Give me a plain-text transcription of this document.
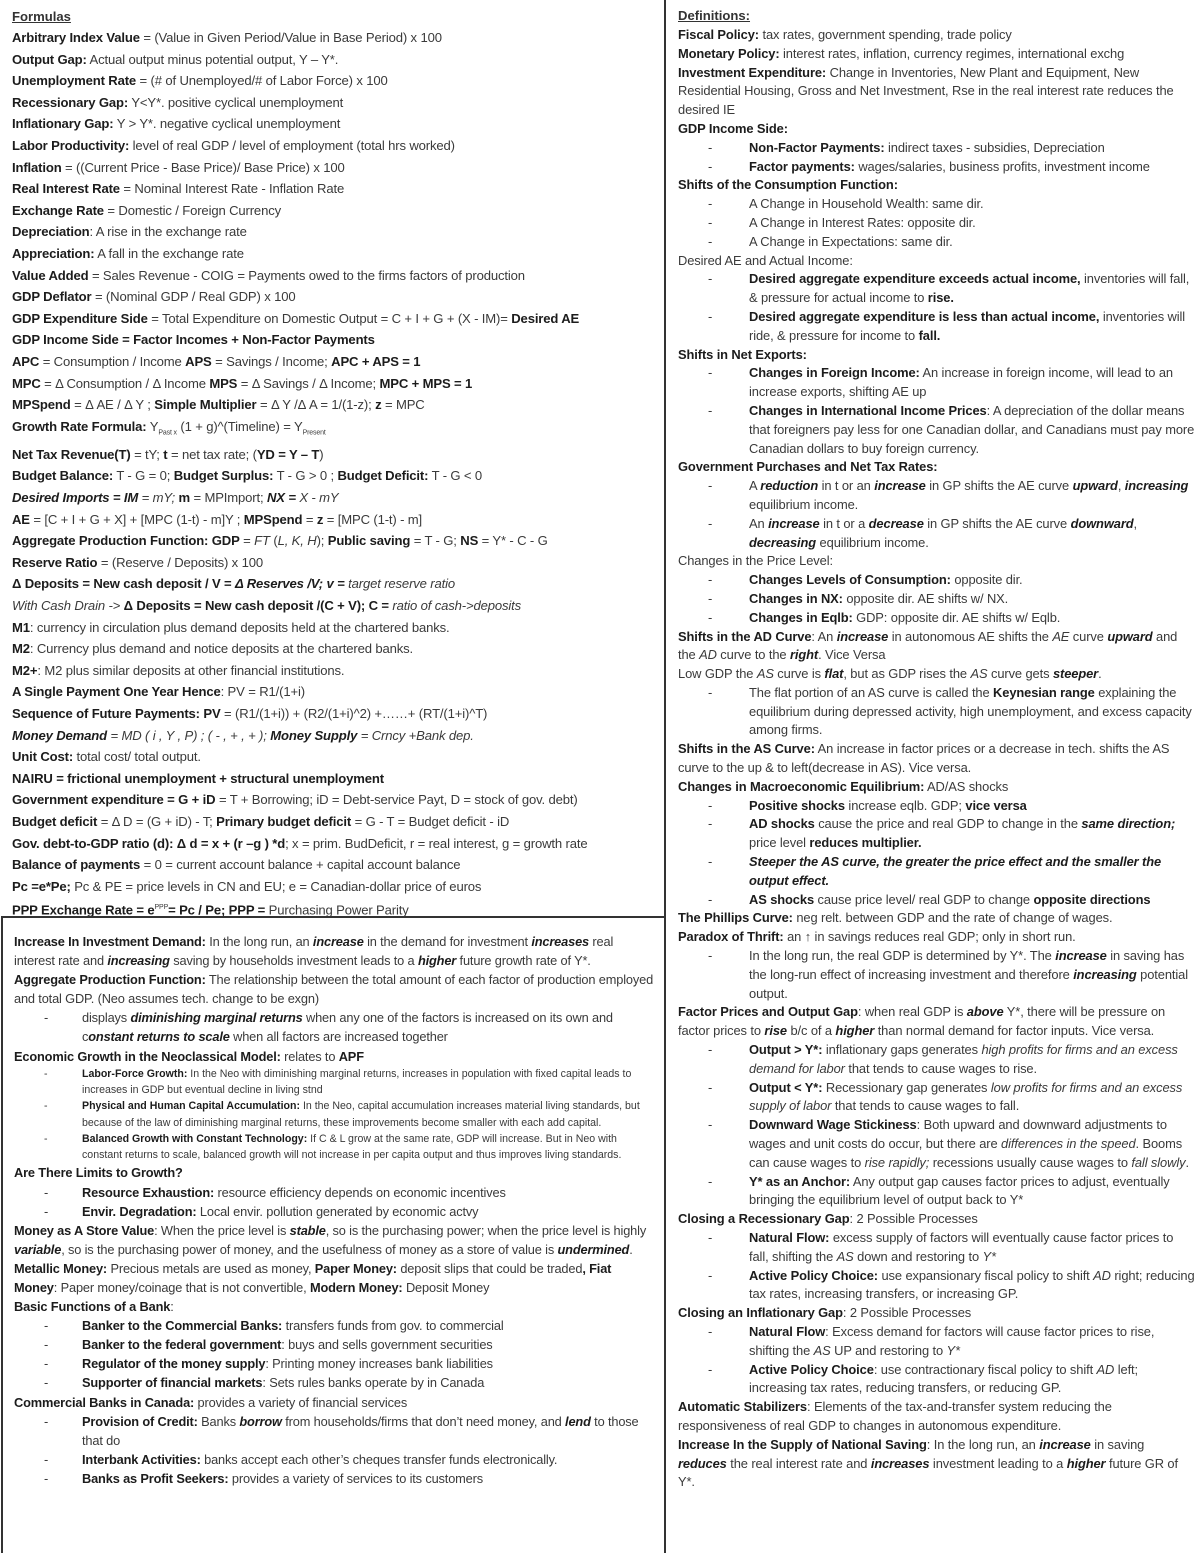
Formulas
Arbitrary Index Value = (Value in Given Period/Value in Base Period) x 100
Output Gap: Actual output minus potential output, Y – Y*.
Unemployment Rate = (# of Unemployed/# of Labor Force) x 100
Recessionary Gap: Y<Y*. positive cyclical unemployment
Inflationary Gap: Y > Y*. negative cyclical unemployment
Labor Productivity: level of real GDP / level of employment (total hrs worked)
Inflation = ((Current Price - Base Price)/ Base Price) x 100
Real Interest Rate = Nominal Interest Rate - Inflation Rate
Exchange Rate = Domestic / Foreign Currency
Depreciation: A rise in the exchange rate
Appreciation: A fall in the exchange rate
Value Added = Sales Revenue - COIG = Payments owed to the firms factors of production
GDP Deflator = (Nominal GDP / Real GDP) x 100
GDP Expenditure Side = Total Expenditure on Domestic Output = C + I + G + (X - IM)= Desired AE
GDP Income Side = Factor Incomes + Non-Factor Payments
APC = Consumption / Income APS = Savings / Income; APC + APS = 1
MPC = Δ Consumption / Δ Income MPS = Δ Savings / Δ Income; MPC + MPS = 1
MPSpend = Δ AE / Δ Y ; Simple Multiplier = Δ Y /Δ A = 1/(1-z); z = MPC
Growth Rate Formula: $Y_{Past x}$ (1 + g)^(Timeline) = $Y_{Present}$
Net Tax Revenue(T) = tY; t = net tax rate; (YD = Y – T)
Budget Balance: T - G = 0; Budget Surplus: T - G > 0 ; Budget Deficit: T - G < 0
Desired Imports = IM = mY; m = MPImport; NX = X - mY
AE = [C + I + G + X] + [MPC (1-t) - m]Y ; MPSpend = z = [MPC (1-t) - m]
Aggregate Production Function: GDP = FT (L, K, H); Public saving = T - G; NS = Y* - C - G
Reserve Ratio = (Reserve / Deposits) x 100
Δ Deposits = New cash deposit / V = Δ Reserves /V; v = target reserve ratio
With Cash Drain -> Δ Deposits = New cash deposit /(C + V); C = ratio of cash->deposits
M1: currency in circulation plus demand deposits held at the chartered banks.
M2: Currency plus demand and notice deposits at the chartered banks.
M2+: M2 plus similar deposits at other financial institutions.
A Single Payment One Year Hence: PV = R1/(1+i)
Sequence of Future Payments: PV = (R1/(1+i)) + (R2/(1+i)^2) +……+ (RT/(1+i)^T)
Money Demand = MD ( i , Y , P) ; ( - , + , + ); Money Supply = Crncy +Bank dep.
Unit Cost: total cost/ total output.
NAIRU = frictional unemployment + structural unemployment
Government expenditure = G + iD = T + Borrowing; iD = Debt-service Payt, D = stock of gov. debt)
Budget deficit = Δ D = (G + iD) - T; Primary budget deficit = G - T = Budget deficit - iD
Gov. debt-to-GDP ratio (d): Δ d = x + (r –g ) *d; x = prim. BudDeficit, r = real interest, g = growth rate
Balance of payments = 0 = current account balance + capital account balance
Pc =e*Pe; Pc & PE = price levels in CN and EU; e = Canadian-dollar price of euros
PPP Exchange Rate = $e^{PPP}= Pc / Pe$; PPP = Purchasing Power Parity
Increase In Investment Demand: In the long run, an increase in the demand for investment increases real interest rate and increasing saving by households investment leads to a higher future growth rate of Y*.
Aggregate Production Function: The relationship between the total amount of each factor of production employed and total GDP. (Neo assumes tech. change to be exgn)
-	displays diminishing marginal returns when any one of the factors is increased on its own and constant returns to scale when all factors are increased together
Economic Growth in the Neoclassical Model: relates to APF
-	Labor-Force Growth: In the Neo with diminishing marginal returns, increases in population with fixed capital leads to increases in GDP but eventual decline in living stnd
-	Physical and Human Capital Accumulation: In the Neo, capital accumulation increases material living standards, but because of the law of diminishing marginal returns, these improvements become smaller with each add capital.
-	Balanced Growth with Constant Technology: If C & L grow at the same rate, GDP will increase. But in Neo with constant returns to scale, balanced growth will not increase in per capita output and thus improves living standards.
Are There Limits to Growth?
-	Resource Exhaustion: resource efficiency depends on economic incentives
-	Envir. Degradation: Local envir. pollution generated by economic actvy
Money as A Store Value: When the price level is stable, so is the purchasing power; when the price level is highly variable, so is the purchasing power of money, and the usefulness of money as a store of value is undermined.
Metallic Money: Precious metals are used as money, Paper Money: deposit slips that could be traded, Fiat Money: Paper money/coinage that is not convertible, Modern Money: Deposit Money
Basic Functions of a Bank:
-	Banker to the Commercial Banks: transfers funds from gov. to commercial
-	Banker to the federal government: buys and sells government securities
-	Regulator of the money supply: Printing money increases bank liabilities
-	Supporter of financial markets: Sets rules banks operate by in Canada
Commercial Banks in Canada: provides a variety of financial services
-	Provision of Credit: Banks borrow from households/firms that don’t need money, and lend to those that do
-	Interbank Activities: banks accept each other’s cheques transfer funds electronically.
-	Banks as Profit Seekers: provides a variety of services to its customers
Definitions:
Fiscal Policy: tax rates, government spending, trade policy
Monetary Policy: interest rates, inflation, currency regimes, international exchg
Investment Expenditure: Change in Inventories, New Plant and Equipment, New Residential Housing, Gross and Net Investment, Rse in the real interest rate reduces the desired IE
GDP Income Side:
-	Non-Factor Payments: indirect taxes - subsidies, Depreciation
-	Factor payments: wages/salaries, business profits, investment income
Shifts of the Consumption Function:
-	A Change in Household Wealth: same dir.
-	A Change in Interest Rates: opposite dir.
-	A Change in Expectations: same dir.
Desired AE and Actual Income:
-	Desired aggregate expenditure exceeds actual income, inventories will fall, & pressure for actual income to rise.
-	Desired aggregate expenditure is less than actual income, inventories will ride, & pressure for income to fall.
Shifts in Net Exports:
-	Changes in Foreign Income: An increase in foreign income, will lead to an increase exports, shifting AE up
-	Changes in International Income Prices: A depreciation of the dollar means that foreigners pay less for one Canadian dollar, and Canadians must pay more Canadian dollars to buy foreign currency.
Government Purchases and Net Tax Rates:
-	A reduction in t or an increase in GP shifts the AE curve upward, increasing equilibrium income.
-	An increase in t or a decrease in GP shifts the AE curve downward, decreasing equilibrium income.
Changes in the Price Level:
-	Changes Levels of Consumption: opposite dir.
-	Changes in NX: opposite dir. AE shifts w/ NX.
-	Changes in Eqlb: GDP: opposite dir. AE shifts w/ Eqlb.
Shifts in the AD Curve: An increase in autonomous AE shifts the AE curve upward and the AD curve to the right. Vice Versa
Low GDP the AS curve is flat, but as GDP rises the AS curve gets steeper.
-	The flat portion of an AS curve is called the Keynesian range explaining the equilibrium during depressed activity, high unemployment, and excess capacity among firms.
Shifts in the AS Curve: An increase in factor prices or a decrease in tech. shifts the AS curve to the up & to left(decrease in AS). Vice versa.
Changes in Macroeconomic Equilibrium: AD/AS shocks
-	Positive shocks increase eqlb. GDP; vice versa
-	AD shocks cause the price and real GDP to change in the same direction; price level reduces multiplier.
-	Steeper the AS curve, the greater the price effect and the smaller the output effect.
-	AS shocks cause price level/ real GDP to change opposite directions
The Phillips Curve: neg relt. between GDP and the rate of change of wages.
Paradox of Thrift: an ↑ in savings reduces real GDP; only in short run.
-	In the long run, the real GDP is determined by Y*. The increase in saving has the long-run effect of increasing investment and therefore increasing potential output.
Factor Prices and Output Gap: when real GDP is above Y*, there will be pressure on factor prices to rise b/c of a higher than normal demand for factor inputs. Vice versa.
-	Output > Y*: inflationary gaps generates high profits for firms and an excess demand for labor that tends to cause wages to rise.
-	Output < Y*: Recessionary gap generates low profits for firms and an excess supply of labor that tends to cause wages to fall.
-	Downward Wage Stickiness: Both upward and downward adjustments to wages and unit costs do occur, but there are differences in the speed. Booms can cause wages to rise rapidly; recessions usually cause wages to fall slowly.
-	Y* as an Anchor: Any output gap causes factor prices to adjust, eventually bringing the equilibrium level of output back to Y*
Closing a Recessionary Gap: 2 Possible Processes
-	Natural Flow: excess supply of factors will eventually cause factor prices to fall, shifting the AS down and restoring to Y*
-	Active Policy Choice: use expansionary fiscal policy to shift AD right; reducing tax rates, increasing transfers, or increasing GP.
Closing an Inflationary Gap: 2 Possible Processes
-	Natural Flow: Excess demand for factors will cause factor prices to rise, shifting the AS UP and restoring to Y*
-	Active Policy Choice: use contractionary fiscal policy to shift AD left; increasing tax rates, reducing transfers, or reducing GP.
Automatic Stabilizers: Elements of the tax-and-transfer system reducing the responsiveness of real GDP to changes in autonomous expenditure.
Increase In the Supply of National Saving: In the long run, an increase in saving reduces the real interest rate and increases investment leading to a higher future GR of Y*.
